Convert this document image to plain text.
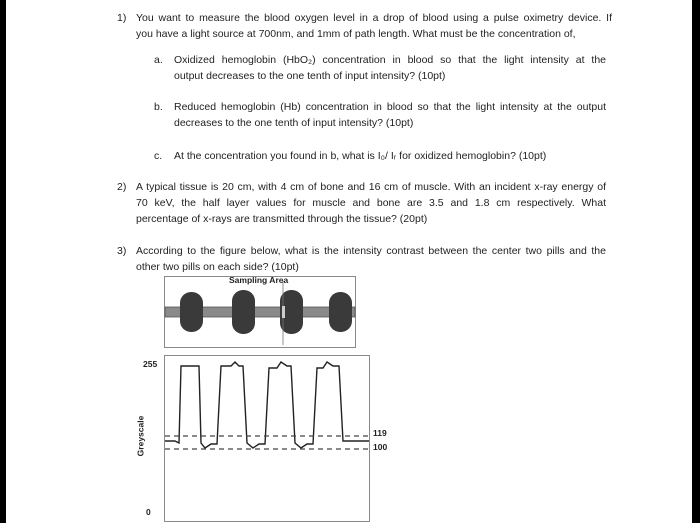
1) You want to measure the blood oxygen level in a drop of blood using a pulse oximetry device. If

you have a light source at 700nm, and 1mm of path length. What must be the concentration of,

a. Oxidized hemoglobin (HbO₂) concentration in blood so that the light intensity at the

output decreases to the one tenth of input intensity? (10pt)

b. Reduced hemoglobin (Hb) concentration in blood so that the light intensity at the output

decreases to the one tenth of input intensity? (10pt)

c. At the concentration you found in b, what is I₀/ Iᵣ for oxidized hemoglobin? (10pt)

2) A typical tissue is 20 cm, with 4 cm of bone and 16 cm of muscle. With an incident x-ray energy of

70 keV, the half layer values for muscle and bone are 3.5 and 1.8 cm respectively. What

percentage of x-rays are transmitted through the tissue? (20pt)

3) According to the figure below, what is the intensity contrast between the center two pills and the

other two pills on each side? (10pt)

Sampling Area

255

0

Greyscale	119

100
